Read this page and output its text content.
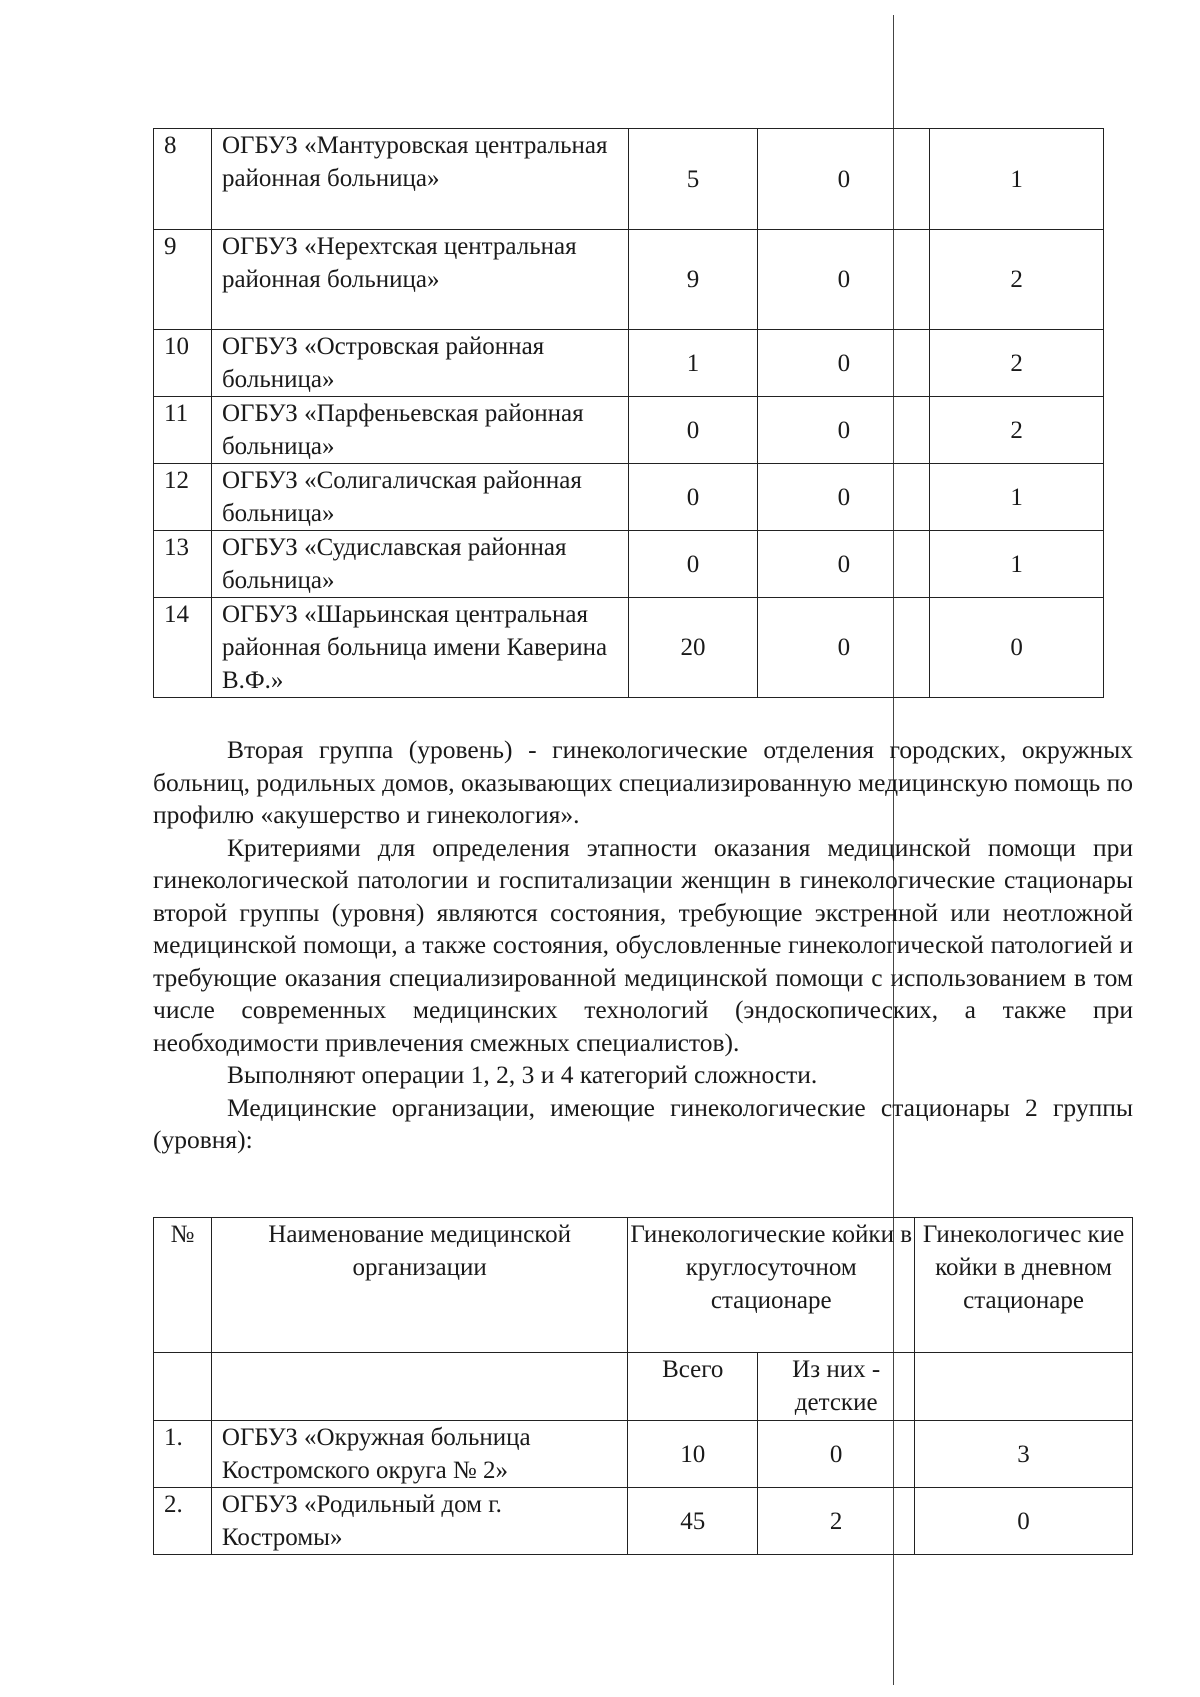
8	ОГБУЗ «Мантуровская центральная районная больница»	5	0	1
9	ОГБУЗ «Нерехтская центральная районная больница»	9	0	2
10	ОГБУЗ «Островская районная больница»	1	0	2
11	ОГБУЗ «Парфеньевская районная больница»	0	0	2
12	ОГБУЗ «Солигаличская районная больница»	0	0	1
13	ОГБУЗ «Судиславская районная больница»	0	0	1
14	ОГБУЗ «Шарьинская центральная районная больница имени Каверина В.Ф.»	20	0	0

Вторая группа (уровень) - гинекологические отделения городских, окружных больниц, родильных домов, оказывающих специализированную медицинскую помощь по профилю «акушерство и гинекология».

Критериями для определения этапности оказания медицинской помощи при гинекологической патологии и госпитализации женщин в гинекологические стационары второй группы (уровня) являются состояния, требующие экстренной или неотложной медицинской помощи, а также состояния, обусловленные гинекологической патологией и требующие оказания специализированной медицинской помощи с использованием в том числе современных медицинских технологий (эндоскопических, а также при необходимости привлечения смежных специалистов).

Выполняют операции 1, 2, 3 и 4 категорий сложности.

Медицинские организации, имеющие гинекологические стационары 2 группы (уровня):

№	Наименование медицинской организации	Гинекологические койки в круглосуточном стационаре		Гинекологичес кие койки в дневном стационаре
		Всего	Из них - детские	
1.	ОГБУЗ «Окружная больница Костромского округа № 2»	10	0	3
2.	ОГБУЗ «Родильный дом г. Костромы»	45	2	0
